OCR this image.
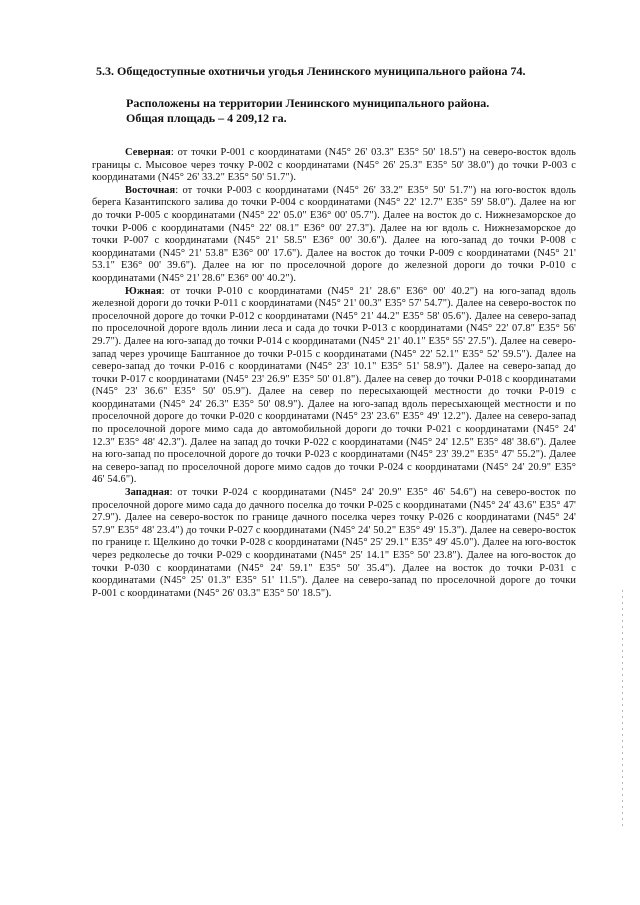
5.3. Общедоступные охотничьи угодья Ленинского муниципального района 74.

Расположены на территории Ленинского муниципального района.
Общая площадь – 4 209,12 га.

Северная: от точки Р-001 с координатами (N45° 26' 03.3" E35° 50' 18.5") на северо-восток вдоль границы с. Мысовое через точку Р-002 с координатами (N45° 26' 25.3" E35° 50' 38.0") до точки Р-003 с координатами (N45° 26' 33.2" E35° 50' 51.7").

Восточная: от точки Р-003 с координатами (N45° 26' 33.2" E35° 50' 51.7") на юго-восток вдоль берега Казантипского залива до точки Р-004 с координатами (N45° 22' 12.7" E35° 59' 58.0"). Далее на юг до точки Р-005 с координатами (N45° 22' 05.0" E36° 00' 05.7"). Далее на восток до с. Нижнезаморское до точки Р-006 с координатами (N45° 22' 08.1" E36° 00' 27.3"). Далее на юг вдоль с. Нижнезаморское до точки Р-007 с координатами (N45° 21' 58.5" E36° 00' 30.6"). Далее на юго-запад до точки Р-008 с координатами (N45° 21' 53.8" E36° 00' 17.6"). Далее на восток до точки Р-009 с координатами (N45° 21' 53.1" E36° 00' 39.6"). Далее на юг по проселочной дороге до железной дороги до точки Р-010 с координатами (N45° 21' 28.6" E36° 00' 40.2").

Южная: от точки Р-010 с координатами (N45° 21' 28.6" E36° 00' 40.2") на юго-запад вдоль железной дороги до точки Р-011 с координатами (N45° 21' 00.3" E35° 57' 54.7"). Далее на северо-восток по проселочной дороге до точки Р-012 с координатами (N45° 21' 44.2" E35° 58' 05.6"). Далее на северо-запад по проселочной дороге вдоль линии леса и сада до точки Р-013 с координатами (N45° 22' 07.8" E35° 56' 29.7"). Далее на юго-запад до точки Р-014 с координатами (N45° 21' 40.1" E35° 55' 27.5"). Далее на северо-запад через урочище Баштанное до точки Р-015 с координатами (N45° 22' 52.1" E35° 52' 59.5"). Далее на северо-запад до точки Р-016 с координатами (N45° 23' 10.1" E35° 51' 58.9"). Далее на северо-запад до точки Р-017 с координатами (N45° 23' 26.9" E35° 50' 01.8"). Далее на север до точки Р-018 с координатами (N45° 23' 36.6" E35° 50' 05.9"). Далее на север по пересыхающей местности до точки Р-019 с координатами (N45° 24' 26.3" E35° 50' 08.9"). Далее на юго-запад вдоль пересыхающей местности и по проселочной дороге до точки Р-020 с координатами (N45° 23' 23.6" E35° 49' 12.2"). Далее на северо-запад по проселочной дороге мимо сада до автомобильной дороги до точки Р-021 с координатами (N45° 24' 12.3" E35° 48' 42.3"). Далее на запад до точки Р-022 с координатами (N45° 24' 12.5" E35° 48' 38.6"). Далее на юго-запад по проселочной дороге до точки Р-023 с координатами (N45° 23' 39.2" E35° 47' 55.2"). Далее на северо-запад по проселочной дороге мимо садов до точки Р-024 с координатами (N45° 24' 20.9" E35° 46' 54.6").

Западная: от точки Р-024 с координатами (N45° 24' 20.9" E35° 46' 54.6") на северо-восток по проселочной дороге мимо сада до дачного поселка до точки Р-025 с координатами (N45° 24' 43.6" E35° 47' 27.9"). Далее на северо-восток по границе дачного поселка через точку Р-026 с координатами (N45° 24' 57.9" E35° 48' 23.4") до точки Р-027 с координатами (N45° 24' 50.2" E35° 49' 15.3"). Далее на северо-восток по границе г. Щелкино до точки Р-028 с координатами (N45° 25' 29.1" E35° 49' 45.0"). Далее на юго-восток через редколесье до точки Р-029 с координатами (N45° 25' 14.1" E35° 50' 23.8"). Далее на юго-восток до точки Р-030 с координатами (N45° 24' 59.1" E35° 50' 35.4"). Далее на восток до точки Р-031 с координатами (N45° 25' 01.3" E35° 51' 11.5"). Далее на северо-запад по проселочной дороге до точки Р-001 с координатами (N45° 26' 03.3" E35° 50' 18.5").
